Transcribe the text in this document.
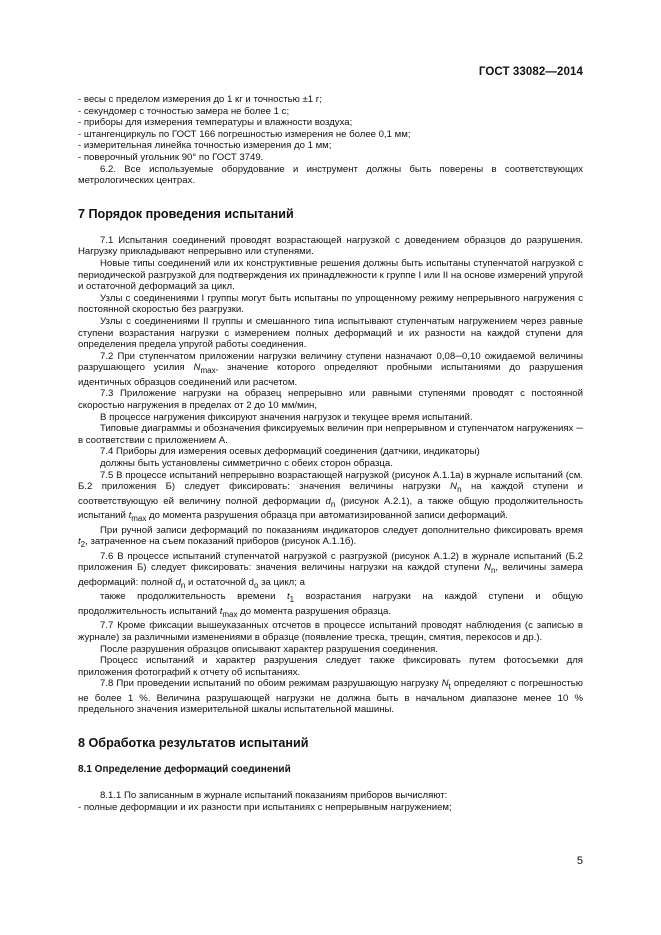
ГОСТ 33082—2014

- весы с пределом измерения до 1 кг и точностью ±1 г;

- секундомер с точностью замера не более 1 с;

- приборы для измерения температуры и влажности воздуха;

- штангенциркуль по ГОСТ 166 погрешностью измерения не более 0,1 мм;

- измерительная линейка точностью измерения до 1 мм;

- поверочный угольник 90° по ГОСТ 3749.

6.2. Все используемые оборудование и инструмент должны быть поверены в соответствующих метрологических центрах.

7 Порядок проведения испытаний

7.1 Испытания соединений проводят возрастающей нагрузкой с доведением образцов до разрушения. Нагрузку прикладывают непрерывно или ступенями.

Новые типы соединений или их конструктивные решения должны быть испытаны ступенчатой нагрузкой с периодической разгрузкой для подтверждения их принадлежности к группе I или II на основе измерений упругой и остаточной деформаций за цикл.

Узлы с соединениями I группы могут быть испытаны по упрощенному режиму непрерывного нагружения с постоянной скоростью без разгрузки.

Узлы с соединениями II группы и смешанного типа испытывают ступенчатым нагружением через равные ступени возрастания нагрузки с измерением полных деформаций и их разности на каждой ступени для определения предела упругой работы соединения.

7.2 При ступенчатом приложении нагрузки величину ступени назначают 0,08─0,10 ожидаемой величины разрушающего усилия $N_{max}$, значение которого определяют пробными испытаниями до разрушения идентичных образцов соединений или расчетом.

7.3 Приложение нагрузки на образец непрерывно или равными ступенями проводят с постоянной скоростью нагружения в пределах от 2 до 10 мм/мин,

В процессе нагружения фиксируют значения нагрузок и текущее время испытаний.

Типовые диаграммы и обозначения фиксируемых величин при непрерывном и ступенчатом нагружениях ─ в соответствии с приложением А.

7.4 Приборы для измерения осевых деформаций соединения (датчики, индикаторы)

должны быть установлены симметрично с обеих сторон образца.

7.5 В процессе испытаний непрерывно возрастающей нагрузкой (рисунок А.1.1а) в журнале испытаний (см. Б.2 приложения Б) следует фиксировать: значения величины нагрузки $N_n$ на каждой ступени и соответствующую ей величину полной деформации $d_n$ (рисунок А.2.1), а также общую продолжительность испытаний $t_{max}$ до момента разрушения образца при автоматизированной записи деформаций.

При ручной записи деформаций по показаниям индикаторов следует дополнительно фиксировать время $t_2$, затраченное на съем показаний приборов (рисунок А.1.1б).

7.6 В процессе испытаний ступенчатой нагрузкой с разгрузкой (рисунок А.1.2) в журнале испытаний (Б.2 приложения Б) следует фиксировать: значения величины нагрузки на каждой ступени $N_n$, величины замера деформаций: полной $d_n$ и остаточной $d_o$ за цикл; а

также продолжительность времени $t_1$ возрастания нагрузки на каждой ступени и общую продолжительность испытаний $t_{max}$ до момента разрушения образца.

7.7 Кроме фиксации вышеуказанных отсчетов в процессе испытаний проводят наблюдения (с записью в журнале) за различными изменениями в образце (появление треска, трещин, смятия, перекосов и др.).

После разрушения образцов описывают характер разрушения соединения.

Процесс испытаний и характер разрушения следует также фиксировать путем фотосъемки для приложения фотографий к отчету об испытаниях.

7.8 При проведении испытаний по обоим режимам разрушающую нагрузку $N_t$ определяют с погрешностью не более 1 %. Величина разрушающей нагрузки не должна быть в начальном диапазоне менее 10 % предельного значения измерительной шкалы испытательной машины.

8 Обработка результатов испытаний
8.1 Определение деформаций соединений

8.1.1 По записанным в журнале испытаний показаниям приборов вычисляют:

- полные деформации и их разности при испытаниях с непрерывным нагружением;

5
